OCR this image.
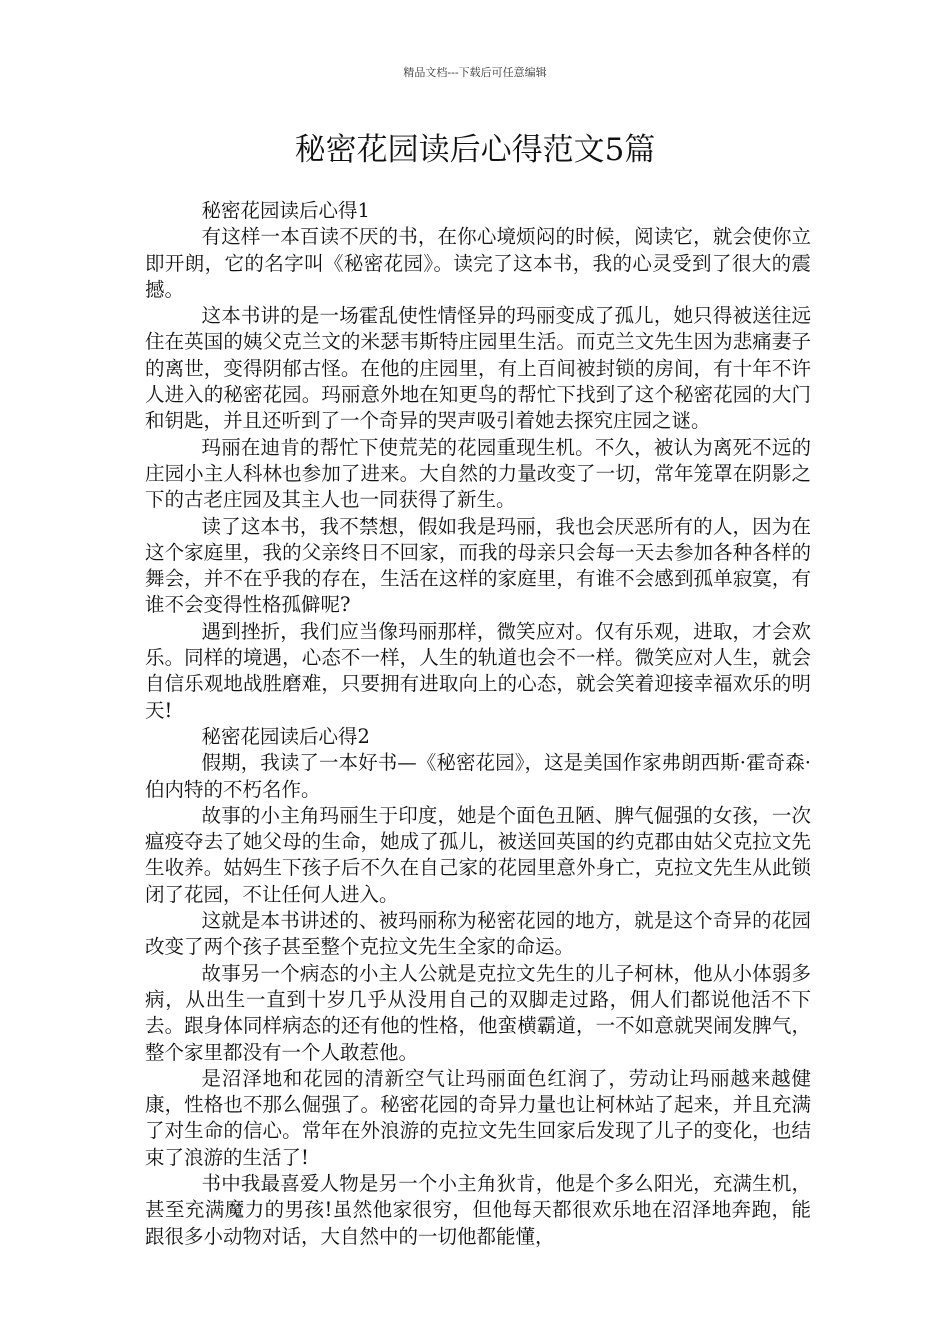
精品文档---下载后可任意编辑
秘密花园读后心得范文5篇

秘密花园读后心得1

有这样一本百读不厌的书，在你心境烦闷的时候，阅读它，就会使你立即开朗，它的名字叫《秘密花园》。读完了这本书，我的心灵受到了很大的震撼。

这本书讲的是一场霍乱使性情怪异的玛丽变成了孤儿，她只得被送往远住在英国的姨父克兰文的米瑟韦斯特庄园里生活。而克兰文先生因为悲痛妻子的离世，变得阴郁古怪。在他的庄园里，有上百间被封锁的房间，有十年不许人进入的秘密花园。玛丽意外地在知更鸟的帮忙下找到了这个秘密花园的大门和钥匙，并且还听到了一个奇异的哭声吸引着她去探究庄园之谜。

玛丽在迪肯的帮忙下使荒芜的花园重现生机。不久，被认为离死不远的庄园小主人科林也参加了进来。大自然的力量改变了一切，常年笼罩在阴影之下的古老庄园及其主人也一同获得了新生。

读了这本书，我不禁想，假如我是玛丽，我也会厌恶所有的人，因为在这个家庭里，我的父亲终日不回家，而我的母亲只会每一天去参加各种各样的舞会，并不在乎我的存在，生活在这样的家庭里，有谁不会感到孤单寂寞，有谁不会变得性格孤僻呢?

遇到挫折，我们应当像玛丽那样，微笑应对。仅有乐观，进取，才会欢乐。同样的境遇，心态不一样，人生的轨道也会不一样。微笑应对人生，就会自信乐观地战胜磨难，只要拥有进取向上的心态，就会笑着迎接幸福欢乐的明天!

秘密花园读后心得2

假期，我读了一本好书—《秘密花园》，这是美国作家弗朗西斯·霍奇森·伯内特的不朽名作。

故事的小主角玛丽生于印度，她是个面色丑陋、脾气倔强的女孩，一次瘟疫夺去了她父母的生命，她成了孤儿，被送回英国的约克郡由姑父克拉文先生收养。姑妈生下孩子后不久在自己家的花园里意外身亡，克拉文先生从此锁闭了花园，不让任何人进入。

这就是本书讲述的、被玛丽称为秘密花园的地方，就是这个奇异的花园改变了两个孩子甚至整个克拉文先生全家的命运。

故事另一个病态的小主人公就是克拉文先生的儿子柯林，他从小体弱多病，从出生一直到十岁几乎从没用自己的双脚走过路，佣人们都说他活不下去。跟身体同样病态的还有他的性格，他蛮横霸道，一不如意就哭闹发脾气，整个家里都没有一个人敢惹他。

是沼泽地和花园的清新空气让玛丽面色红润了，劳动让玛丽越来越健康，性格也不那么倔强了。秘密花园的奇异力量也让柯林站了起来，并且充满了对生命的信心。常年在外浪游的克拉文先生回家后发现了儿子的变化，也结束了浪游的生活了!

书中我最喜爱人物是另一个小主角狄肯，他是个多么阳光，充满生机，甚至充满魔力的男孩!虽然他家很穷，但他每天都很欢乐地在沼泽地奔跑，能跟很多小动物对话，大自然中的一切他都能懂，
